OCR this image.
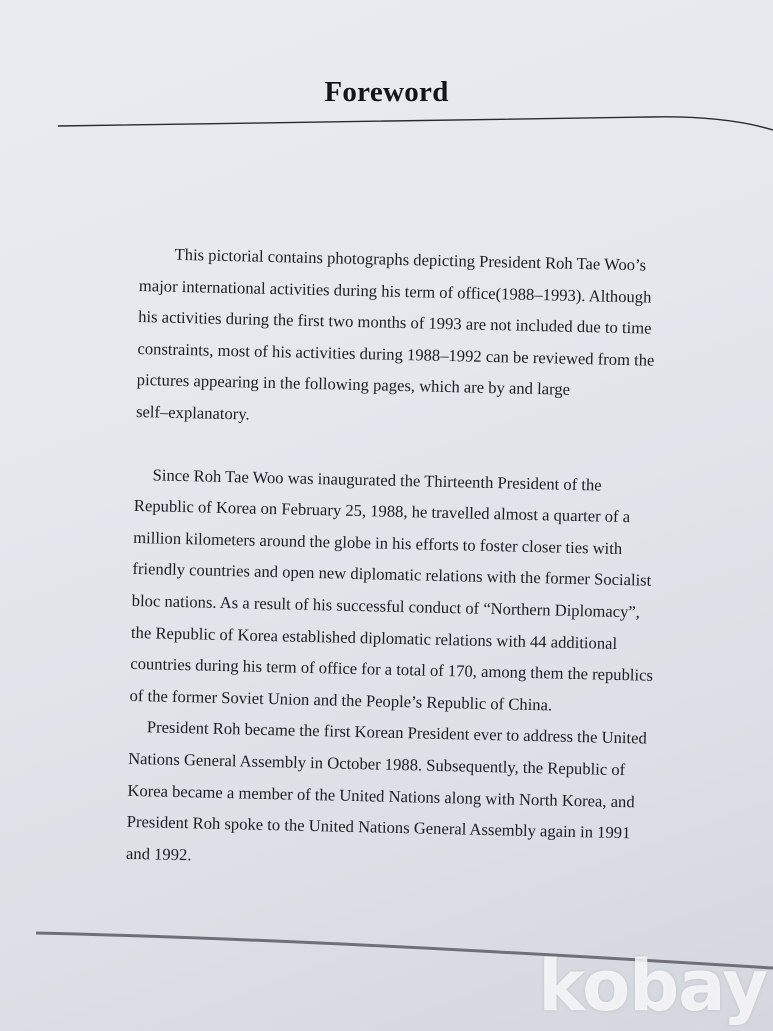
Foreword

This pictorial contains photographs depicting President Roh Tae Woo’s
major international activities during his term of office(1988–1993). Although
his activities during the first two months of 1993 are not included due to time
constraints, most of his activities during 1988–1992 can be reviewed from the
pictures appearing in the following pages, which are by and large
self–explanatory.

Since Roh Tae Woo was inaugurated the Thirteenth President of the
Republic of Korea on February 25, 1988, he travelled almost a quarter of a
million kilometers around the globe in his efforts to foster closer ties with
friendly countries and open new diplomatic relations with the former Socialist
bloc nations. As a result of his successful conduct of “Northern Diplomacy”,
the Republic of Korea established diplomatic relations with 44 additional
countries during his term of office for a total of 170, among them the republics
of the former Soviet Union and the People’s Republic of China.

President Roh became the first Korean President ever to address the United
Nations General Assembly in October 1988. Subsequently, the Republic of
Korea became a member of the United Nations along with North Korea, and
President Roh spoke to the United Nations General Assembly again in 1991
and 1992.

kobay
